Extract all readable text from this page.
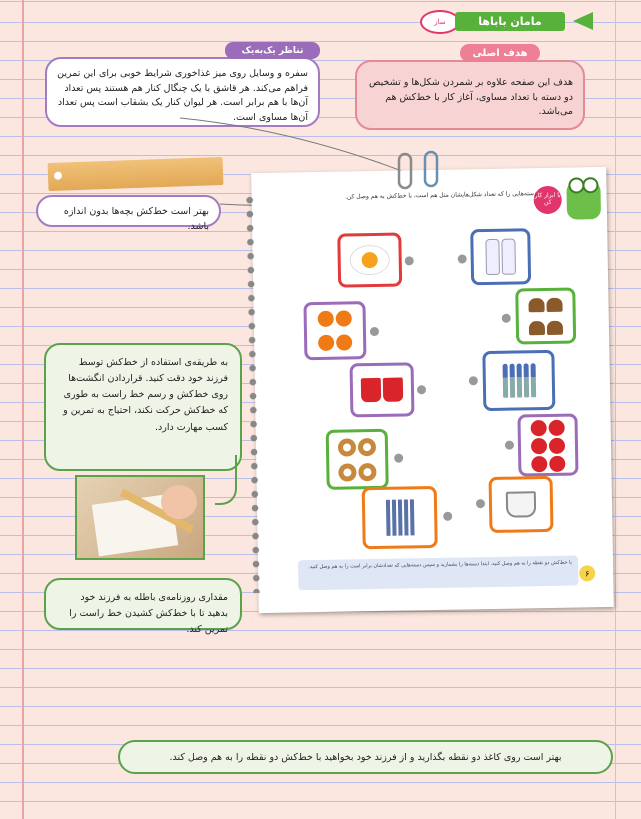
ساز	مامان بابا‌ها
هدف این صفحه علاوه بر شمردن شکل‌ها و تشخیص دو دسته با تعداد مساوی، آغاز کار با خط‌کش هم می‌باشد.
هدف اصلی
سفره و وسایل روی میز غذاخوری شرایط خوبی برای این تمرین فراهم می‌کند. هر قاشق با یک چنگال کنار هم هستند پس تعداد آن‌ها با هم برابر است. هر لیوان کنار یک بشقاب است پس تعداد آن‌ها مساوی است.
تناظر یک‌به‌یک
بهتر است خط‌کش بچه‌ها بدون اندازه باشد.
با ابزار کار کن
دسته‌هایی را که تعداد شکل‌هایشان مثل هم است، با خط‌کش به هم وصل کن.
با خط‌کش دو نقطه را به هم وصل کنید. ابتدا دسته‌ها را بشمارید و سپس دسته‌هایی که تعدادشان برابر است را به هم وصل کنید.
۶
به طریقه‌ی استفاده از خط‌کش توسط فرزند خود دقت کنید. قراردادن انگشت‌ها روی خط‌کش و رسم خط راست به طوری که خط‌کش حرکت نکند، احتیاج به تمرین و کسب مهارت دارد.
مقداری روزنامه‌ی باطله به فرزند خود بدهید تا با خط‌کش کشیدن خط راست را تمرین کند.
بهتر است روی کاغذ دو نقطه بگذارید و از فرزند خود بخواهید با خط‌کش دو نقطه را به هم وصل کند.
